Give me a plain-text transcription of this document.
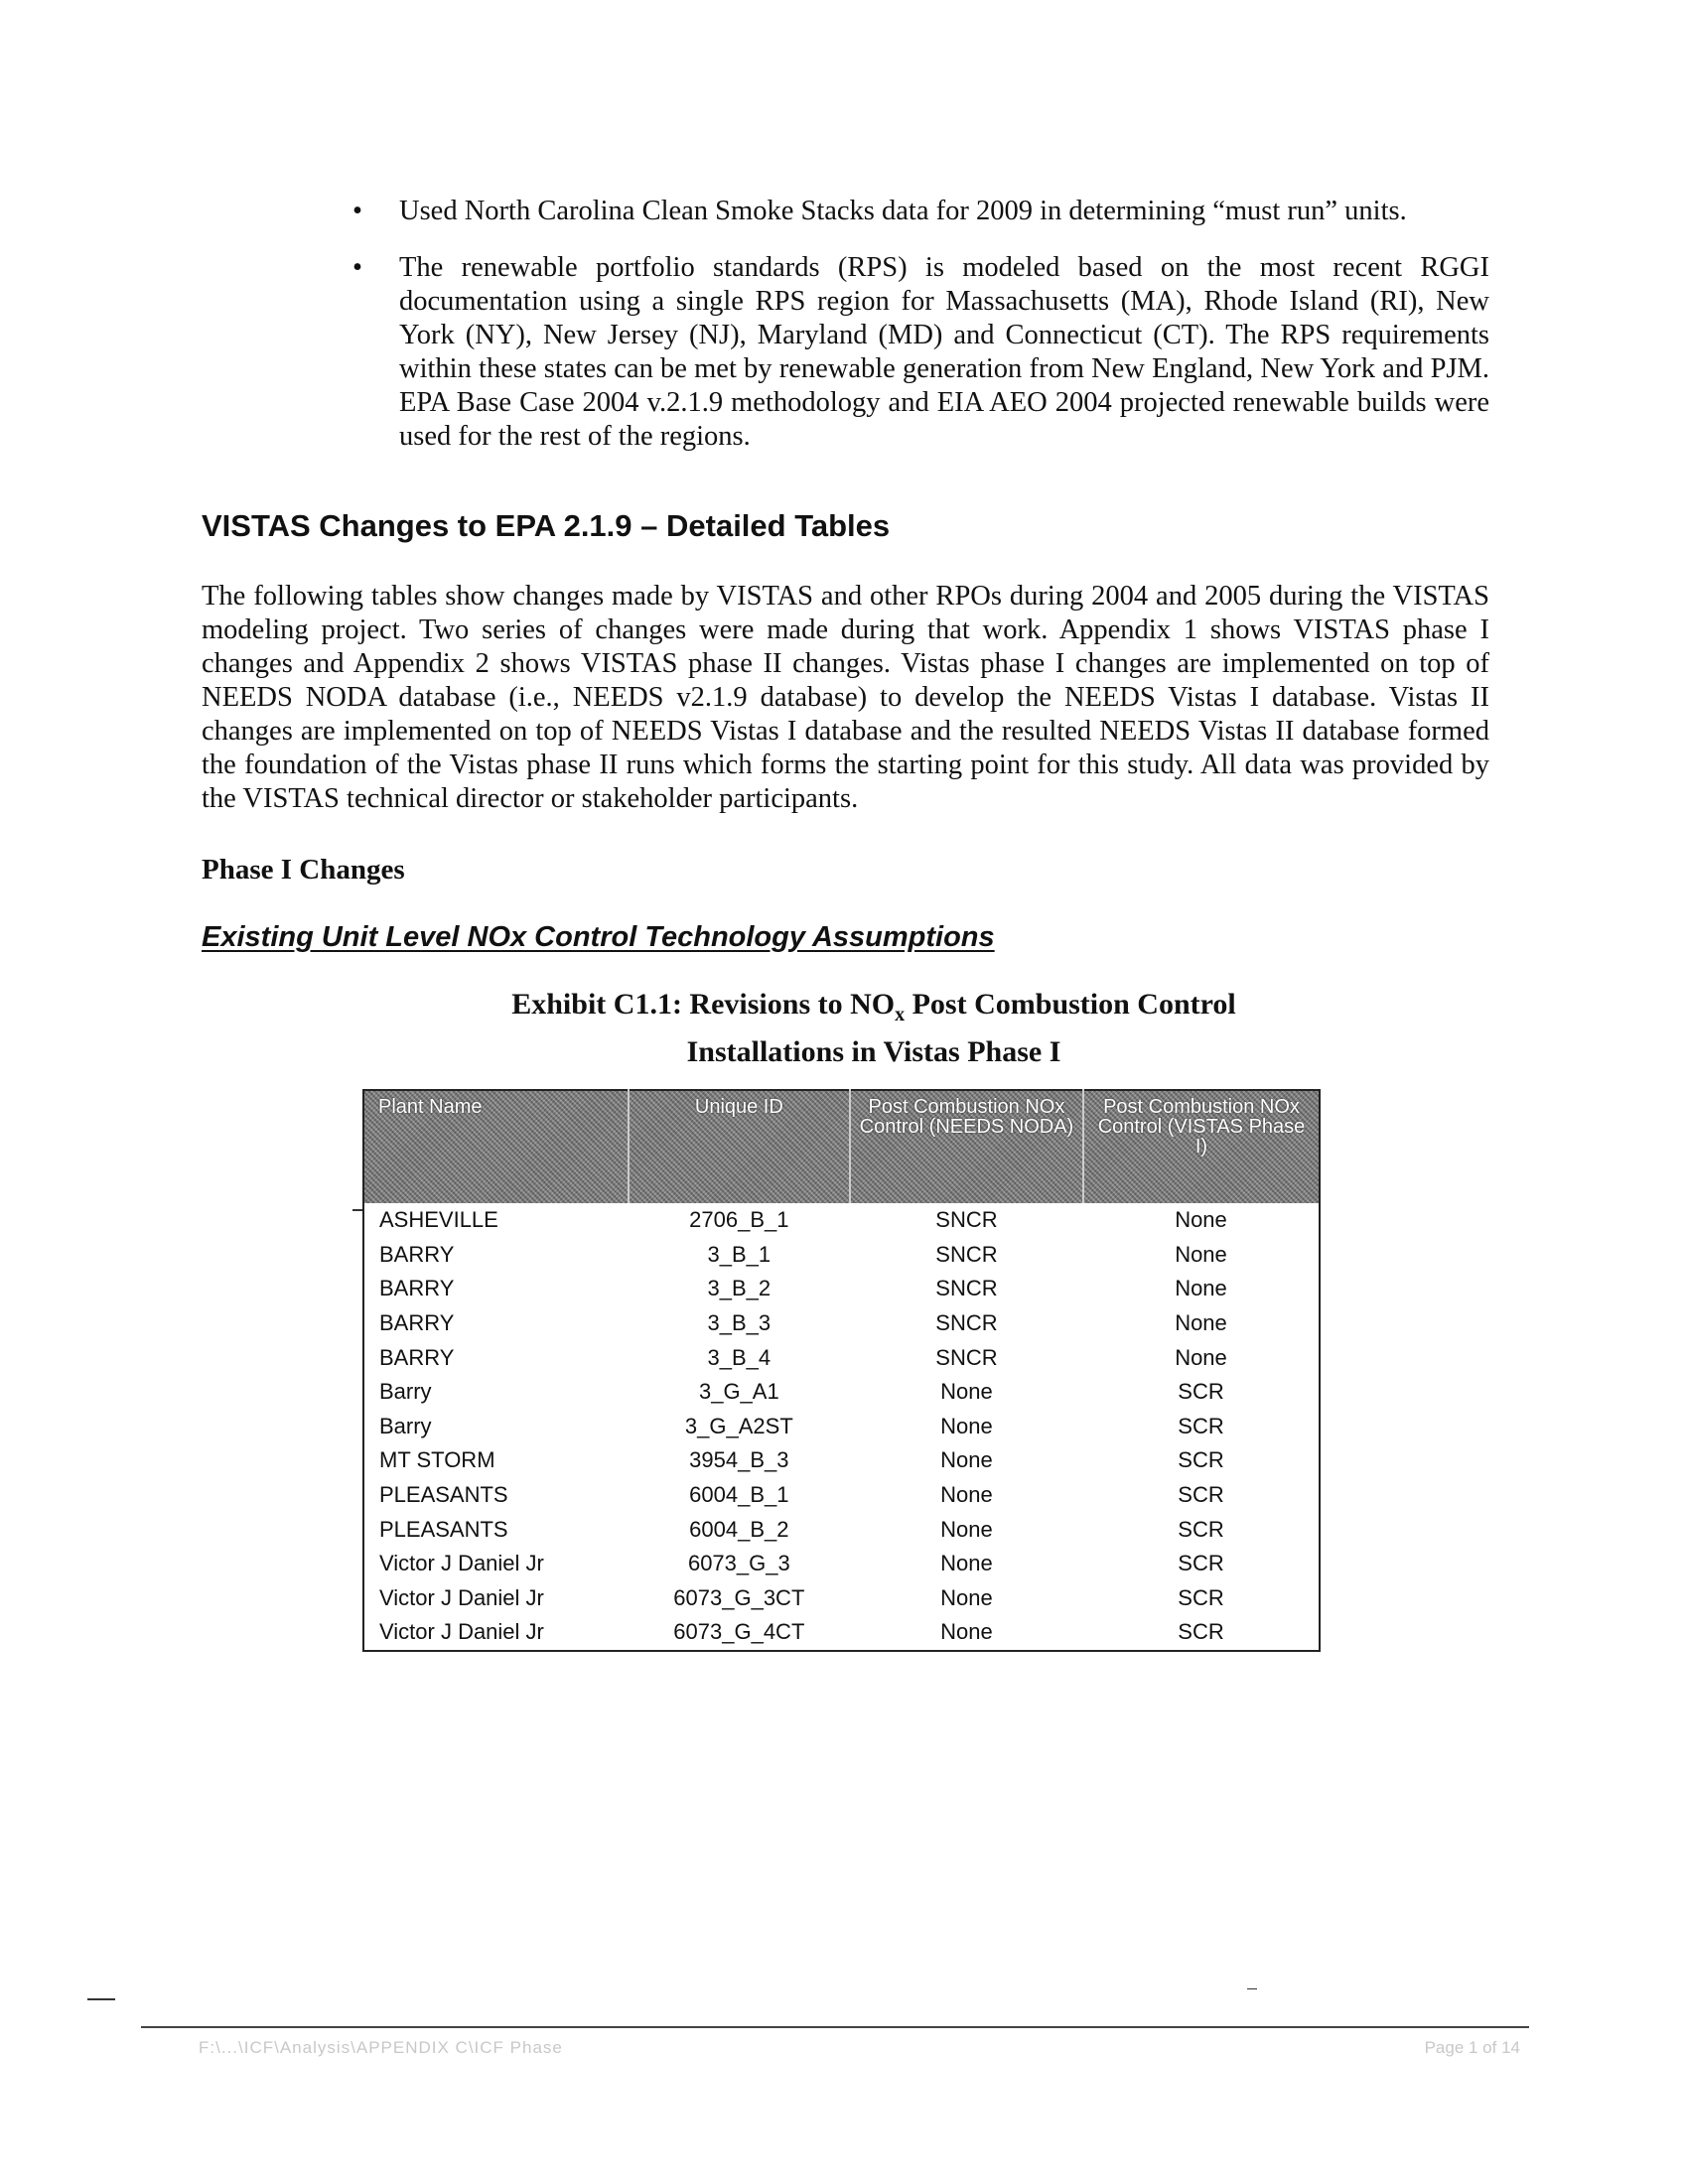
• Used North Carolina Clean Smoke Stacks data for 2009 in determining “must run” units.
• The renewable portfolio standards (RPS) is modeled based on the most recent RGGI documentation using a single RPS region for Massachusetts (MA), Rhode Island (RI), New York (NY), New Jersey (NJ), Maryland (MD) and Connecticut (CT). The RPS requirements within these states can be met by renewable generation from New England, New York and PJM. EPA Base Case 2004 v.2.1.9 methodology and EIA AEO 2004 projected renewable builds were used for the rest of the regions.
VISTAS Changes to EPA 2.1.9 – Detailed Tables

The following tables show changes made by VISTAS and other RPOs during 2004 and 2005 during the VISTAS modeling project. Two series of changes were made during that work. Appendix 1 shows VISTAS phase I changes and Appendix 2 shows VISTAS phase II changes. Vistas phase I changes are implemented on top of NEEDS NODA database (i.e., NEEDS v2.1.9 database) to develop the NEEDS Vistas I database. Vistas II changes are implemented on top of NEEDS Vistas I database and the resulted NEEDS Vistas II database formed the foundation of the Vistas phase II runs which forms the starting point for this study. All data was provided by the VISTAS technical director or stakeholder participants.

Phase I Changes
Existing Unit Level NOx Control Technology Assumptions
Exhibit C1.1: Revisions to $NO_x$ Post Combustion Control
Installations in Vistas Phase I
Plant Name	Unique ID	Post Combustion NOx Control (NEEDS NODA)	Post Combustion NOx Control (VISTAS Phase I)
ASHEVILLE	2706_B_1	SNCR	None
BARRY	3_B_1	SNCR	None
BARRY	3_B_2	SNCR	None
BARRY	3_B_3	SNCR	None
BARRY	3_B_4	SNCR	None
Barry	3_G_A1	None	SCR
Barry	3_G_A2ST	None	SCR
MT STORM	3954_B_3	None	SCR
PLEASANTS	6004_B_1	None	SCR
PLEASANTS	6004_B_2	None	SCR
Victor J Daniel Jr	6073_G_3	None	SCR
Victor J Daniel Jr	6073_G_3CT	None	SCR
Victor J Daniel Jr	6073_G_4CT	None	SCR
F:\...\ICF\Analysis\APPENDIX C\ICF Phase	Page 1 of 14
